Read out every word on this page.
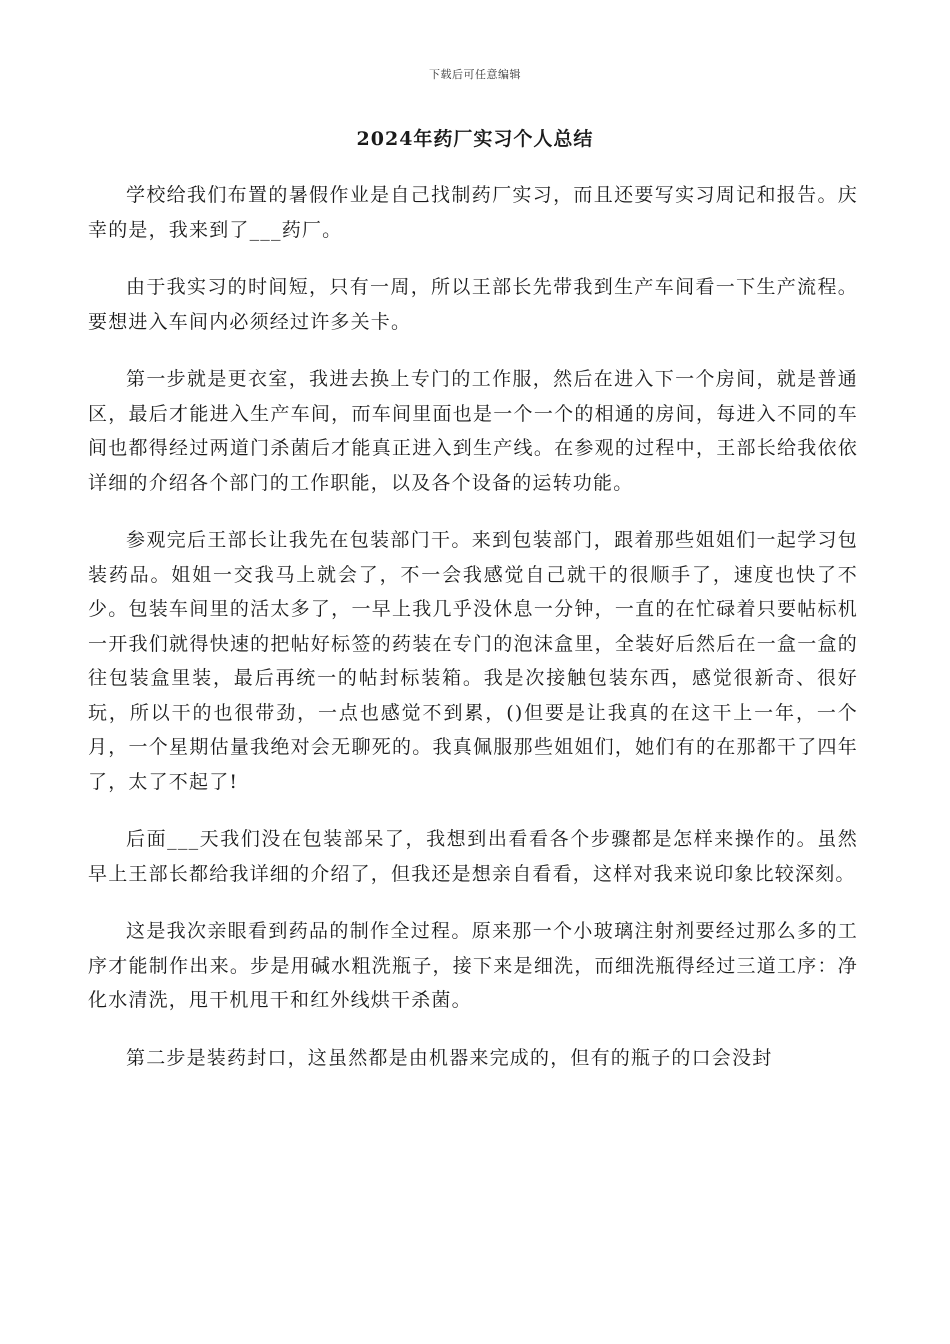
下载后可任意编辑
2024年药厂实习个人总结

学校给我们布置的暑假作业是自己找制药厂实习，而且还要写实习周记和报告。庆幸的是，我来到了___药厂。

由于我实习的时间短，只有一周，所以王部长先带我到生产车间看一下生产流程。要想进入车间内必须经过许多关卡。

第一步就是更衣室，我进去换上专门的工作服，然后在进入下一个房间，就是普通区，最后才能进入生产车间，而车间里面也是一个一个的相通的房间，每进入不同的车间也都得经过两道门杀菌后才能真正进入到生产线。在参观的过程中，王部长给我依依详细的介绍各个部门的工作职能，以及各个设备的运转功能。

参观完后王部长让我先在包装部门干。来到包装部门，跟着那些姐姐们一起学习包装药品。姐姐一交我马上就会了，不一会我感觉自己就干的很顺手了，速度也快了不少。包装车间里的活太多了，一早上我几乎没休息一分钟，一直的在忙碌着只要帖标机一开我们就得快速的把帖好标签的药装在专门的泡沫盒里，全装好后然后在一盒一盒的往包装盒里装，最后再统一的帖封标装箱。我是次接触包装东西，感觉很新奇、很好玩，所以干的也很带劲，一点也感觉不到累，()但要是让我真的在这干上一年，一个月，一个星期估量我绝对会无聊死的。我真佩服那些姐姐们，她们有的在那都干了四年了，太了不起了!

后面___天我们没在包装部呆了，我想到出看看各个步骤都是怎样来操作的。虽然早上王部长都给我详细的介绍了，但我还是想亲自看看，这样对我来说印象比较深刻。

这是我次亲眼看到药品的制作全过程。原来那一个小玻璃注射剂要经过那么多的工序才能制作出来。步是用碱水粗洗瓶子，接下来是细洗，而细洗瓶得经过三道工序：净化水清洗，甩干机甩干和红外线烘干杀菌。

第二步是装药封口，这虽然都是由机器来完成的，但有的瓶子的口会没封
